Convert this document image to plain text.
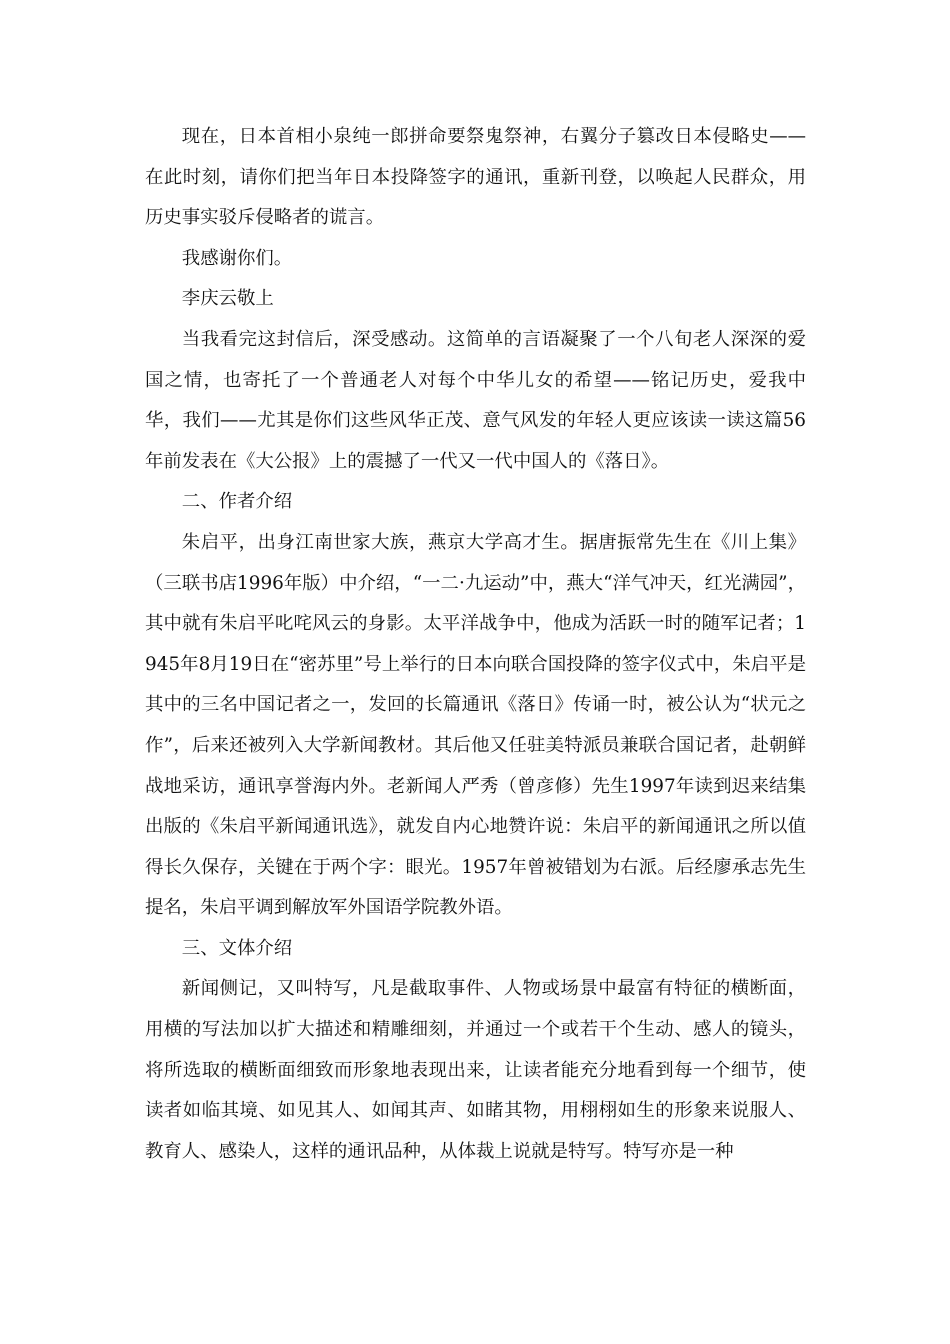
现在，日本首相小泉纯一郎拼命要祭鬼祭神，右翼分子篡改日本侵略史——在此时刻，请你们把当年日本投降签字的通讯，重新刊登，以唤起人民群众，用历史事实驳斥侵略者的谎言。

我感谢你们。

李庆云敬上

当我看完这封信后，深受感动。这简单的言语凝聚了一个八旬老人深深的爱国之情，也寄托了一个普通老人对每个中华儿女的希望——铭记历史，爱我中华，我们——尤其是你们这些风华正茂、意气风发的年轻人更应该读一读这篇56年前发表在《大公报》上的震撼了一代又一代中国人的《落日》。

二、作者介绍

朱启平，出身江南世家大族，燕京大学高才生。据唐振常先生在《川上集》（三联书店1996年版）中介绍，“一二·九运动”中，燕大“洋气冲天，红光满园”，其中就有朱启平叱咤风云的身影。太平洋战争中，他成为活跃一时的随军记者；1945年8月19日在“密苏里”号上举行的日本向联合国投降的签字仪式中，朱启平是其中的三名中国记者之一，发回的长篇通讯《落日》传诵一时，被公认为“状元之作”，后来还被列入大学新闻教材。其后他又任驻美特派员兼联合国记者，赴朝鲜战地采访，通讯享誉海内外。老新闻人严秀（曾彦修）先生1997年读到迟来结集出版的《朱启平新闻通讯选》，就发自内心地赞许说：朱启平的新闻通讯之所以值得长久保存，关键在于两个字：眼光。1957年曾被错划为右派。后经廖承志先生提名，朱启平调到解放军外国语学院教外语。

三、文体介绍

新闻侧记，又叫特写，凡是截取事件、人物或场景中最富有特征的横断面，用横的写法加以扩大描述和精雕细刻，并通过一个或若干个生动、感人的镜头，将所选取的横断面细致而形象地表现出来，让读者能充分地看到每一个细节，使读者如临其境、如见其人、如闻其声、如睹其物，用栩栩如生的形象来说服人、教育人、感染人，这样的通讯品种，从体裁上说就是特写。特写亦是一种
